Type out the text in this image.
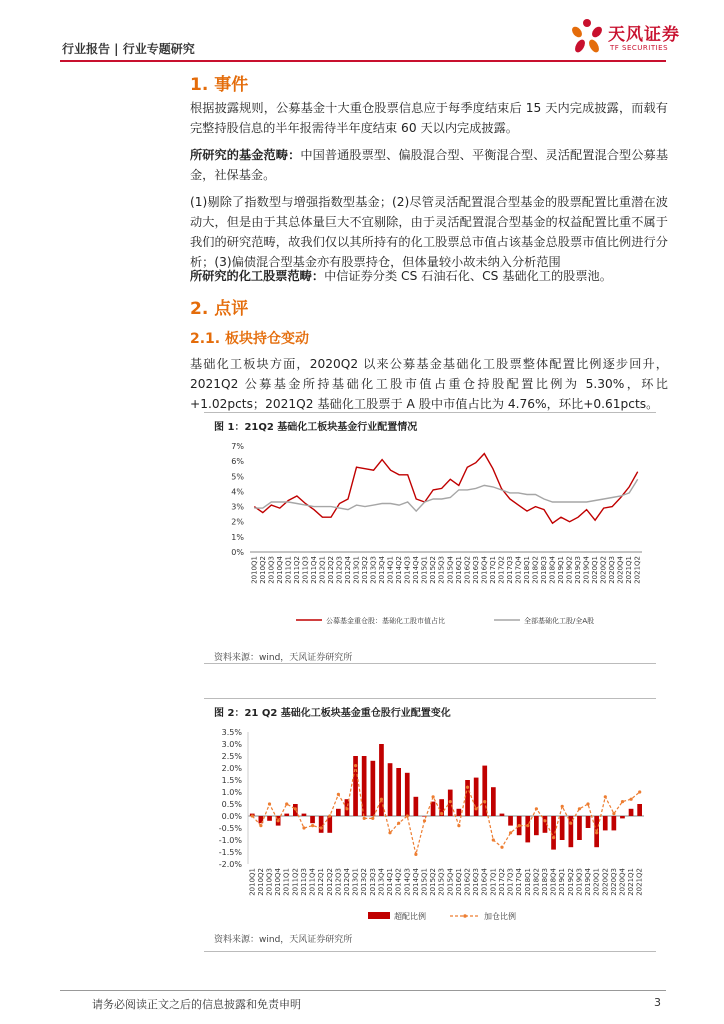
行业报告 | 行业专题研究
天风证券
TF SECURITIES
1. 事件
根据披露规则，公募基金十大重仓股票信息应于每季度结束后 15 天内完成披露，而载有完整持股信息的半年报需待半年度结束 60 天以内完成披露。
所研究的基金范畴：中国普通股票型、偏股混合型、平衡混合型、灵活配置混合型公募基金，社保基金。
(1)剔除了指数型与增强指数型基金；(2)尽管灵活配置混合型基金的股票配置比重潜在波动大，但是由于其总体量巨大不宜剔除，由于灵活配置混合型基金的权益配置比重不属于我们的研究范畴，故我们仅以其所持有的化工股票总市值占该基金总股票市值比例进行分析；(3)偏债混合型基金亦有股票持仓，但体量较小故未纳入分析范围
所研究的化工股票范畴：中信证券分类 CS 石油石化、CS 基础化工的股票池。
2. 点评
2.1. 板块持仓变动
基础化工板块方面，2020Q2 以来公募基金基础化工股票整体配置比例逐步回升，2021Q2 公募基金所持基础化工股市值占重仓持股配置比例为 5.30%，环比+1.02pcts；2021Q2 基础化工股票于 A 股中市值占比为 4.76%，环比+0.61pcts。
图 1：21Q2 基础化工板块基金行业配置情况
0%
1%
2%
3%
4%
5%
6%
7%
2010Q1 2010Q2 2010Q3 2010Q4 2011Q1 2011Q2 2011Q3 2011Q4 2012Q1 2012Q2 2012Q3 2012Q4 2013Q1 2013Q2 2013Q3 2013Q4 2014Q1 2014Q2 2014Q3 2014Q4 2015Q1 2015Q2 2015Q3 2015Q4 2016Q1 2016Q2 2016Q3 2016Q4 2017Q1 2017Q2 2017Q3 2017Q4 2018Q1 2018Q2 2018Q3 2018Q4 2019Q1 2019Q2 2019Q3 2019Q4 2020Q1 2020Q2 2020Q3 2020Q4 2021Q1 2021Q2
公募基金重仓股：基础化工股市值占比	全部基础化工股/全A股
资料来源：wind，天风证券研究所
图 2：21 Q2 基础化工板块基金重仓股行业配置变化
3.5%
3.0%
2.5%
2.0%
1.5%
1.0%
0.5%
0.0%
-0.5%
-1.0%
-1.5%
-2.0%
2010Q1 2010Q2 2010Q3 2010Q4 2011Q1 2011Q2 2011Q3 2011Q4 2012Q1 2012Q2 2012Q3 2012Q4 2013Q1 2013Q2 2013Q3 2013Q4 2014Q1 2014Q2 2014Q3 2014Q4 2015Q1 2015Q2 2015Q3 2015Q4 2016Q1 2016Q2 2016Q3 2016Q4 2017Q1 2017Q2 2017Q3 2017Q4 2018Q1 2018Q2 2018Q3 2018Q4 2019Q1 2019Q2 2019Q3 2019Q4 2020Q1 2020Q2 2020Q3 2020Q4 2021Q1 2021Q2
超配比例	加仓比例
资料来源：wind，天风证券研究所
请务必阅读正文之后的信息披露和免责申明	3
